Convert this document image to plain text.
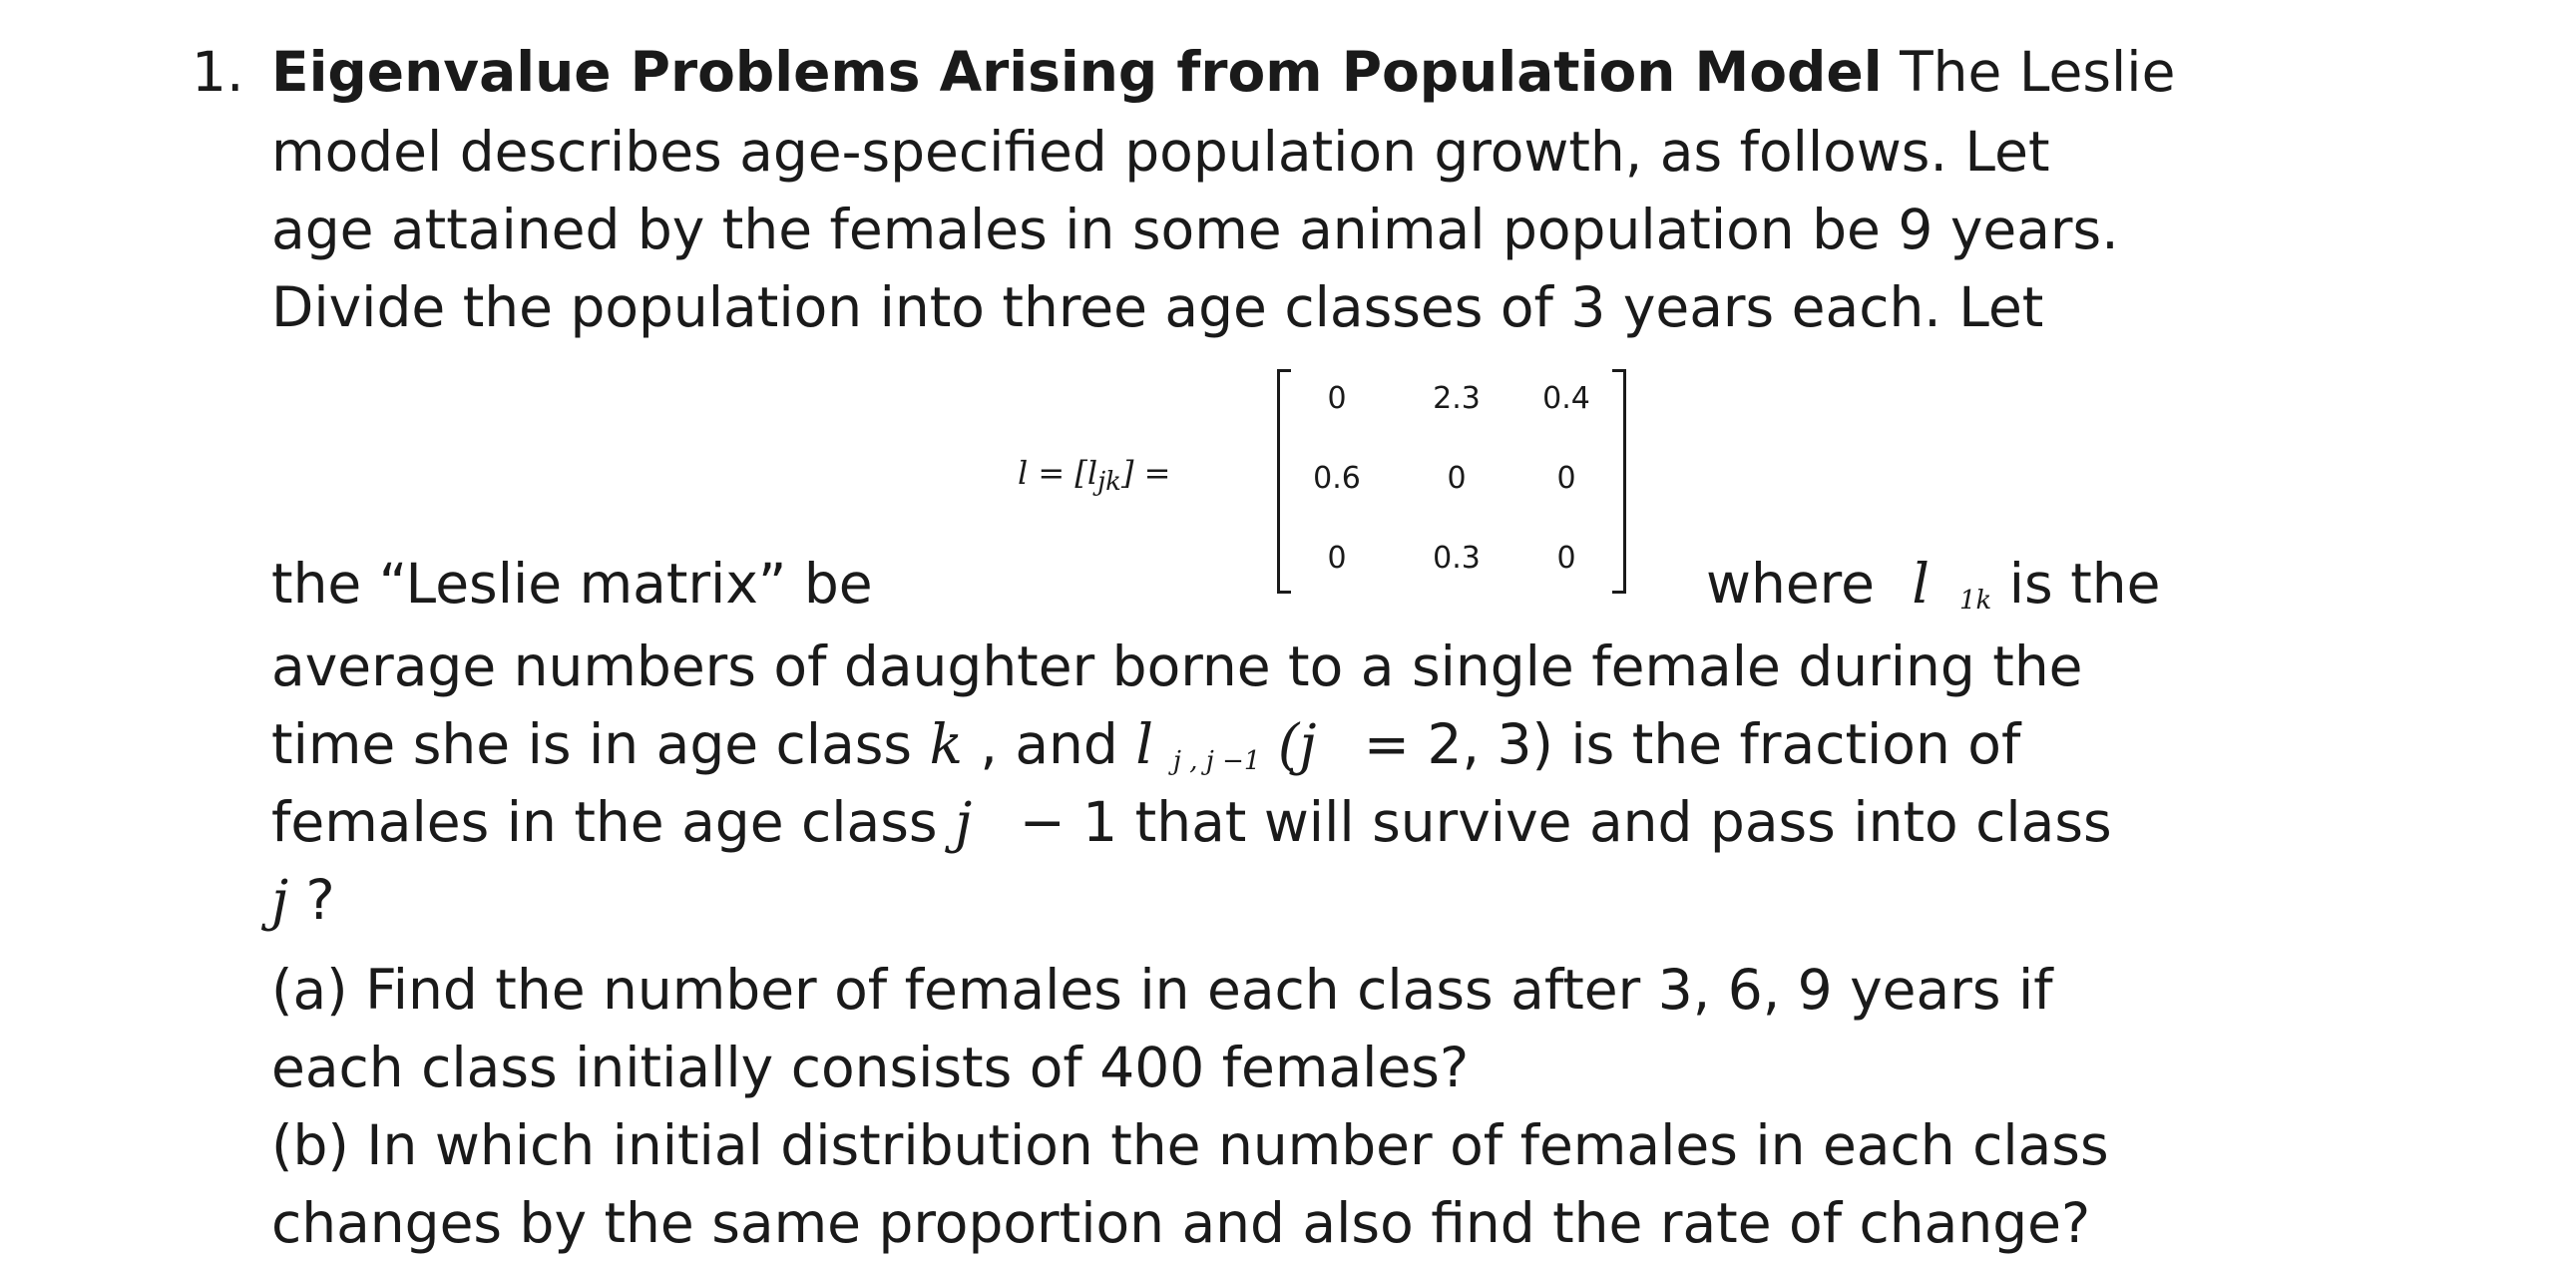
1. Eigenvalue Problems Arising from Population Model The Leslie
model describes age-specified population growth, as follows. Let
age attained by the females in some animal population be 9 years.
Divide the population into three age classes of 3 years each. Let
$l = [l_{jk}]$ =
0	2.3	0.4
0.6	0	0
0	0.3	0
the “Leslie matrix” be	where l $_{1k}$ is the
average numbers of daughter borne to a single female during the
time she is in age class k , and l $_{j , j -1}$ (j = 2, 3) is the fraction of
females in the age class j − 1 that will survive and pass into class
j ?
(a) Find the number of females in each class after 3, 6, 9 years if
each class initially consists of 400 females?
(b) In which initial distribution the number of females in each class
changes by the same proportion and also find the rate of change?
